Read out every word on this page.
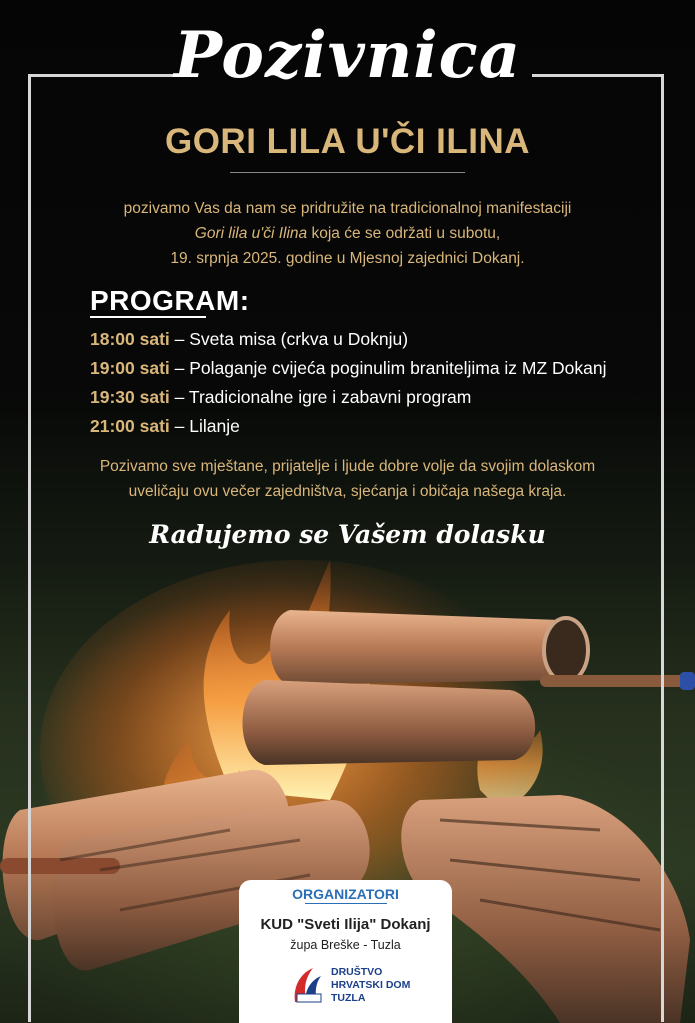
Pozivnica
GORI LILA U'ČI ILINA
pozivamo Vas da nam se pridružite na tradicionalnoj manifestaciji
Gori lila u'či Ilina koja će se održati u subotu,
19. srpnja 2025. godine u Mjesnoj zajednici Dokanj.
PROGRAM:
18:00 sati – Sveta misa (crkva u Doknju)
19:00 sati – Polaganje cvijeća poginulim braniteljima iz MZ Dokanj
19:30 sati – Tradicionalne igre i zabavni program
21:00 sati – Lilanje
Pozivamo sve mještane, prijatelje i ljude dobre volje da svojim dolaskom
uveličaju ovu večer zajedništva, sjećanja i običaja našega kraja.
Radujemo se Vašem dolasku
ORGANIZATORI
KUD "Sveti Ilija" Dokanj
župa Breške - Tuzla
DRUŠTVO
HRVATSKI DOM
TUZLA
